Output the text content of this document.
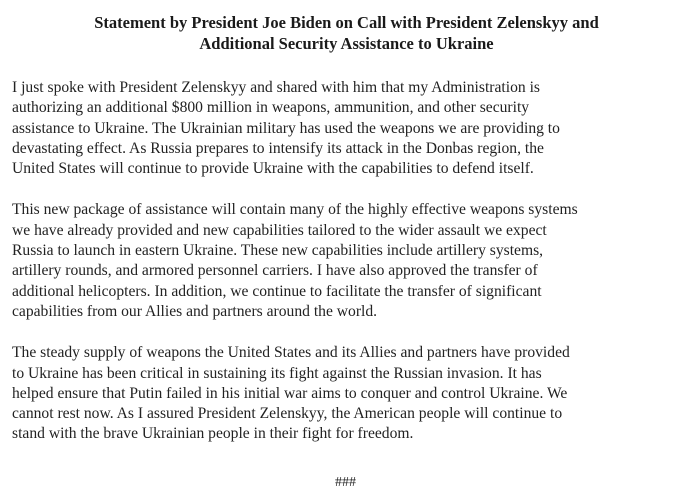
Statement by President Joe Biden on Call with President Zelenskyy and
Additional Security Assistance to Ukraine

I just spoke with President Zelenskyy and shared with him that my Administration is
authorizing an additional $800 million in weapons, ammunition, and other security
assistance to Ukraine. The Ukrainian military has used the weapons we are providing to
devastating effect. As Russia prepares to intensify its attack in the Donbas region, the
United States will continue to provide Ukraine with the capabilities to defend itself.

This new package of assistance will contain many of the highly effective weapons systems
we have already provided and new capabilities tailored to the wider assault we expect
Russia to launch in eastern Ukraine. These new capabilities include artillery systems,
artillery rounds, and armored personnel carriers. I have also approved the transfer of
additional helicopters. In addition, we continue to facilitate the transfer of significant
capabilities from our Allies and partners around the world.

The steady supply of weapons the United States and its Allies and partners have provided
to Ukraine has been critical in sustaining its fight against the Russian invasion. It has
helped ensure that Putin failed in his initial war aims to conquer and control Ukraine. We
cannot rest now. As I assured President Zelenskyy, the American people will continue to
stand with the brave Ukrainian people in their fight for freedom.

###
